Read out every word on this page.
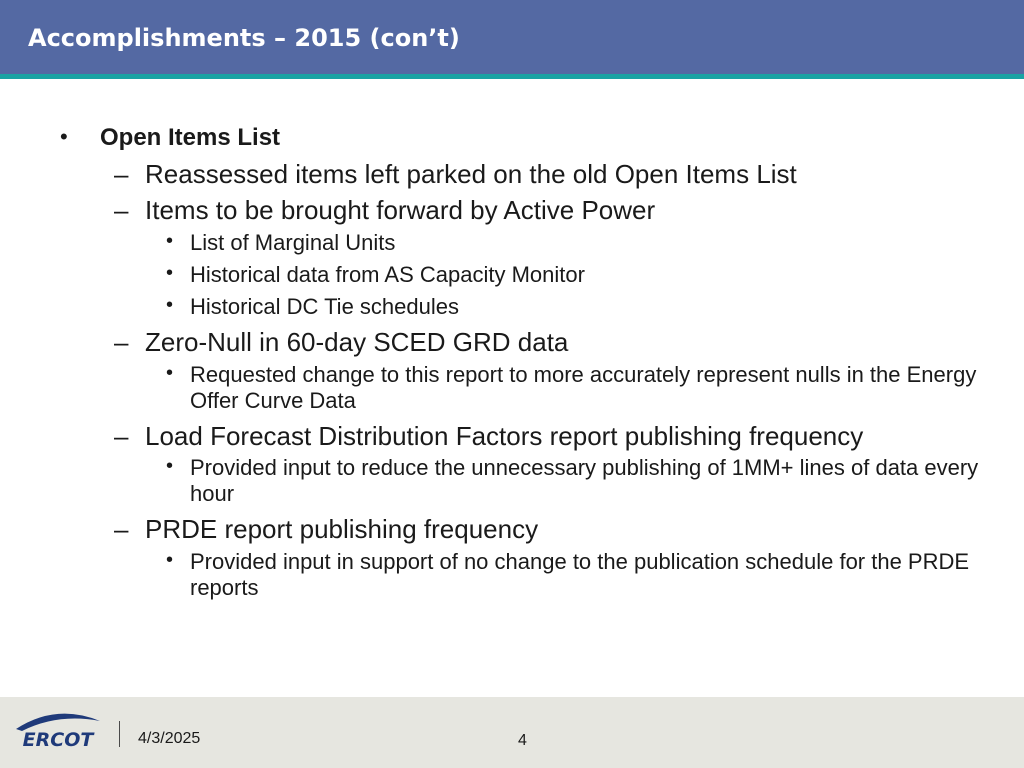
Accomplishments – 2015 (con’t)
• Open Items List
– Reassessed items left parked on the old Open Items List
– Items to be brought forward by Active Power
• List of Marginal Units
• Historical data from AS Capacity Monitor
• Historical DC Tie schedules
– Zero-Null in 60-day SCED GRD data
• Requested change to this report to more accurately represent nulls in the Energy Offer Curve Data
– Load Forecast Distribution Factors report publishing frequency
• Provided input to reduce the unnecessary publishing of 1MM+ lines of data every hour
– PRDE report publishing frequency
• Provided input in support of no change to the publication schedule for the PRDE reports
ERCOT	4/3/2025	4
